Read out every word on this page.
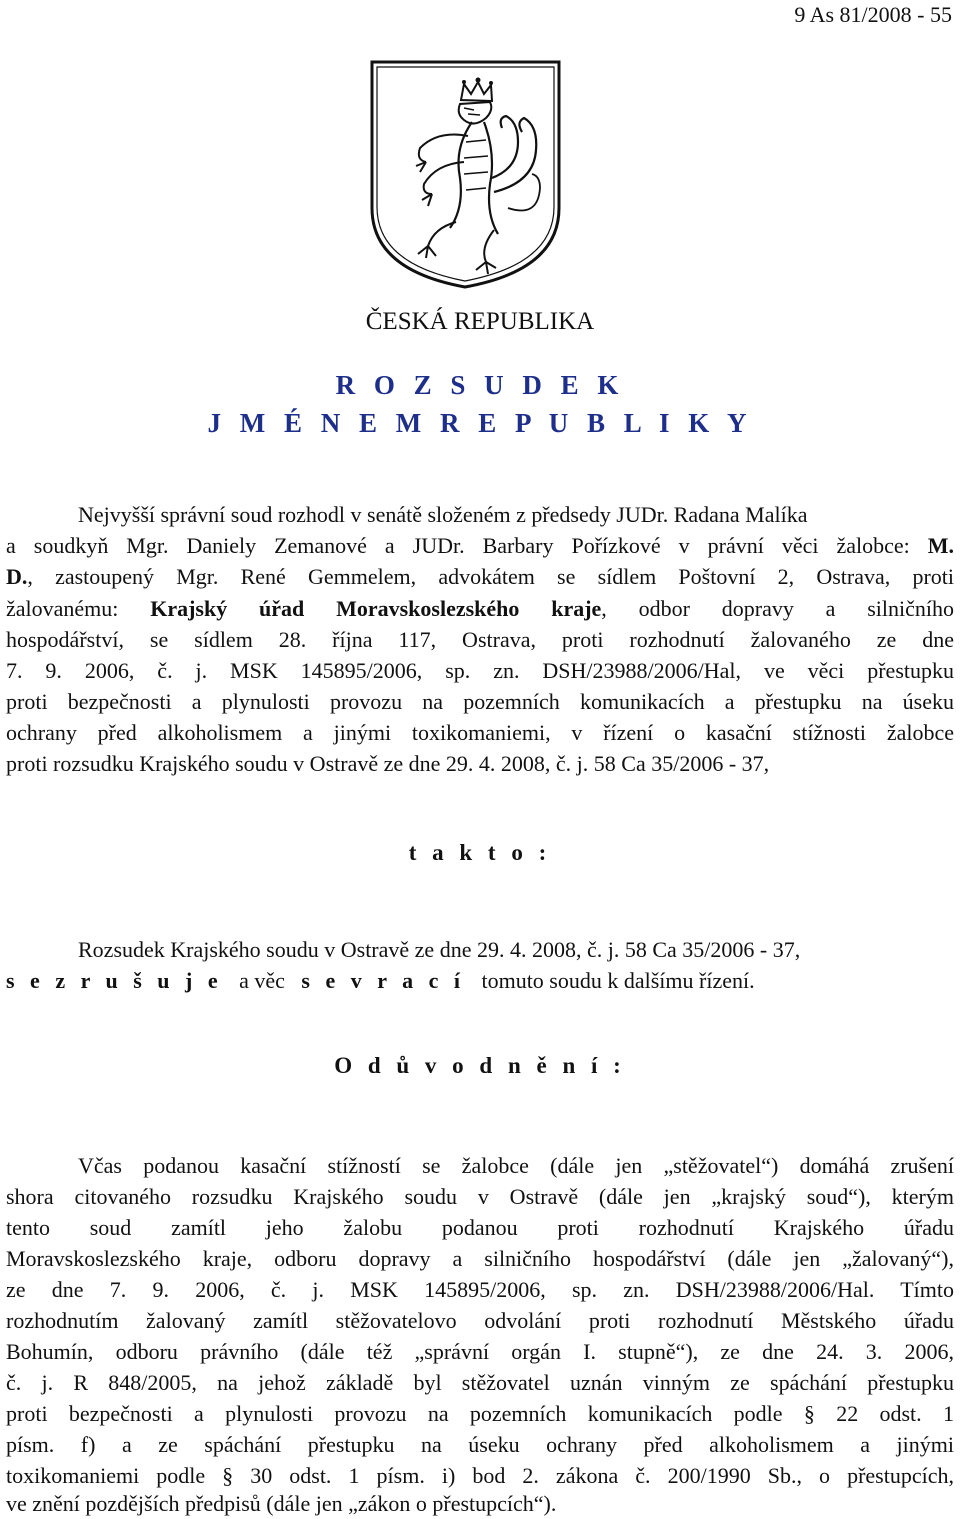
9 As 81/2008 - 55
ČESKÁ REPUBLIKA
R O Z S U D E K
J M É N E M R E P U B L I K Y
Nejvyšší správní soud rozhodl v senátě složeném z předsedy JUDr. Radana Malíka
a soudkyň Mgr. Daniely Zemanové a JUDr. Barbary Pořízkové v právní věci žalobce: M.
D., zastoupený Mgr. René Gemmelem, advokátem se sídlem Poštovní 2, Ostrava, proti
žalovanému: Krajský úřad Moravskoslezského kraje, odbor dopravy a silničního
hospodářství, se sídlem 28. října 117, Ostrava, proti rozhodnutí žalovaného ze dne
7. 9. 2006, č. j. MSK 145895/2006, sp. zn. DSH/23988/2006/Hal, ve věci přestupku
proti bezpečnosti a plynulosti provozu na pozemních komunikacích a přestupku na úseku
ochrany před alkoholismem a jinými toxikomaniemi, v řízení o kasační stížnosti žalobce
proti rozsudku Krajského soudu v Ostravě ze dne 29. 4. 2008, č. j. 58 Ca 35/2006 - 37,
t a k t o :
Rozsudek Krajského soudu v Ostravě ze dne 29. 4. 2008, č. j. 58 Ca 35/2006 - 37,
s e z r u š u j e a věc s e v r a c í tomuto soudu k dalšímu řízení.
O d ů v o d n ě n í :
Včas podanou kasační stížností se žalobce (dále jen „stěžovatel“) domáhá zrušení
shora citovaného rozsudku Krajského soudu v Ostravě (dále jen „krajský soud“), kterým
tento soud zamítl jeho žalobu podanou proti rozhodnutí Krajského úřadu
Moravskoslezského kraje, odboru dopravy a silničního hospodářství (dále jen „žalovaný“),
ze dne 7. 9. 2006, č. j. MSK 145895/2006, sp. zn. DSH/23988/2006/Hal. Tímto
rozhodnutím žalovaný zamítl stěžovatelovo odvolání proti rozhodnutí Městského úřadu
Bohumín, odboru právního (dále též „správní orgán I. stupně“), ze dne 24. 3. 2006,
č. j. R 848/2005, na jehož základě byl stěžovatel uznán vinným ze spáchání přestupku
proti bezpečnosti a plynulosti provozu na pozemních komunikacích podle § 22 odst. 1
písm. f) a ze spáchání přestupku na úseku ochrany před alkoholismem a jinými
toxikomaniemi podle § 30 odst. 1 písm. i) bod 2. zákona č. 200/1990 Sb., o přestupcích,
ve znění pozdějších předpisů (dále jen „zákon o přestupcích“).
